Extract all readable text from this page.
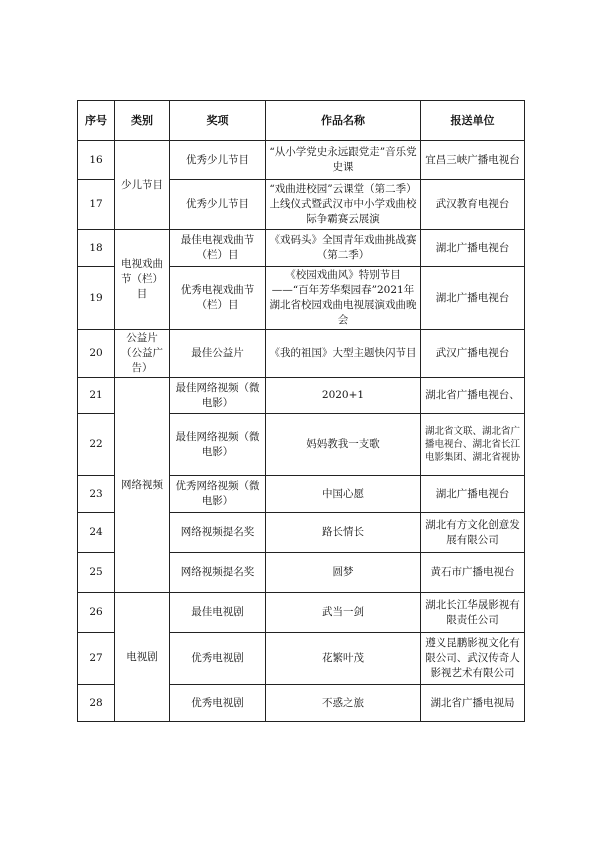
序号	类别	奖项	作品名称	报送单位
16	少儿节目	优秀少儿节目	“从小学党史永远跟党走”音乐党史课	宜昌三峡广播电视台
17		优秀少儿节目	“戏曲进校园”云课堂（第二季）上线仪式暨武汉市中小学戏曲校际争霸赛云展演	武汉教育电视台
18	电视戏曲节（栏）目	最佳电视戏曲节（栏）目	《戏码头》全国青年戏曲挑战赛（第二季）	湖北广播电视台
19		优秀电视戏曲节（栏）目	《校园戏曲风》特别节目——“百年芳华梨园春”2021年湖北省校园戏曲电视展演戏曲晚会	湖北广播电视台
20	公益片（公益广告）	最佳公益片	《我的祖国》大型主题快闪节目	武汉广播电视台
21	网络视频	最佳网络视频（微电影）	2020+1	湖北省广播电视台、
22		最佳网络视频（微电影）	妈妈教我一支歌	湖北省文联、湖北省广播电视台、湖北省长江电影集团、湖北省视协
23		优秀网络视频（微电影）	中国心愿	湖北广播电视台
24		网络视频提名奖	路长情长	湖北有方文化创意发展有限公司
25		网络视频提名奖	圆梦	黄石市广播电视台
26	电视剧	最佳电视剧	武当一剑	湖北长江华晟影视有限责任公司
27		优秀电视剧	花繁叶茂	遵义昆鹏影视文化有限公司、武汉传奇人影视艺术有限公司
28		优秀电视剧	不惑之旅	湖北省广播电视局
